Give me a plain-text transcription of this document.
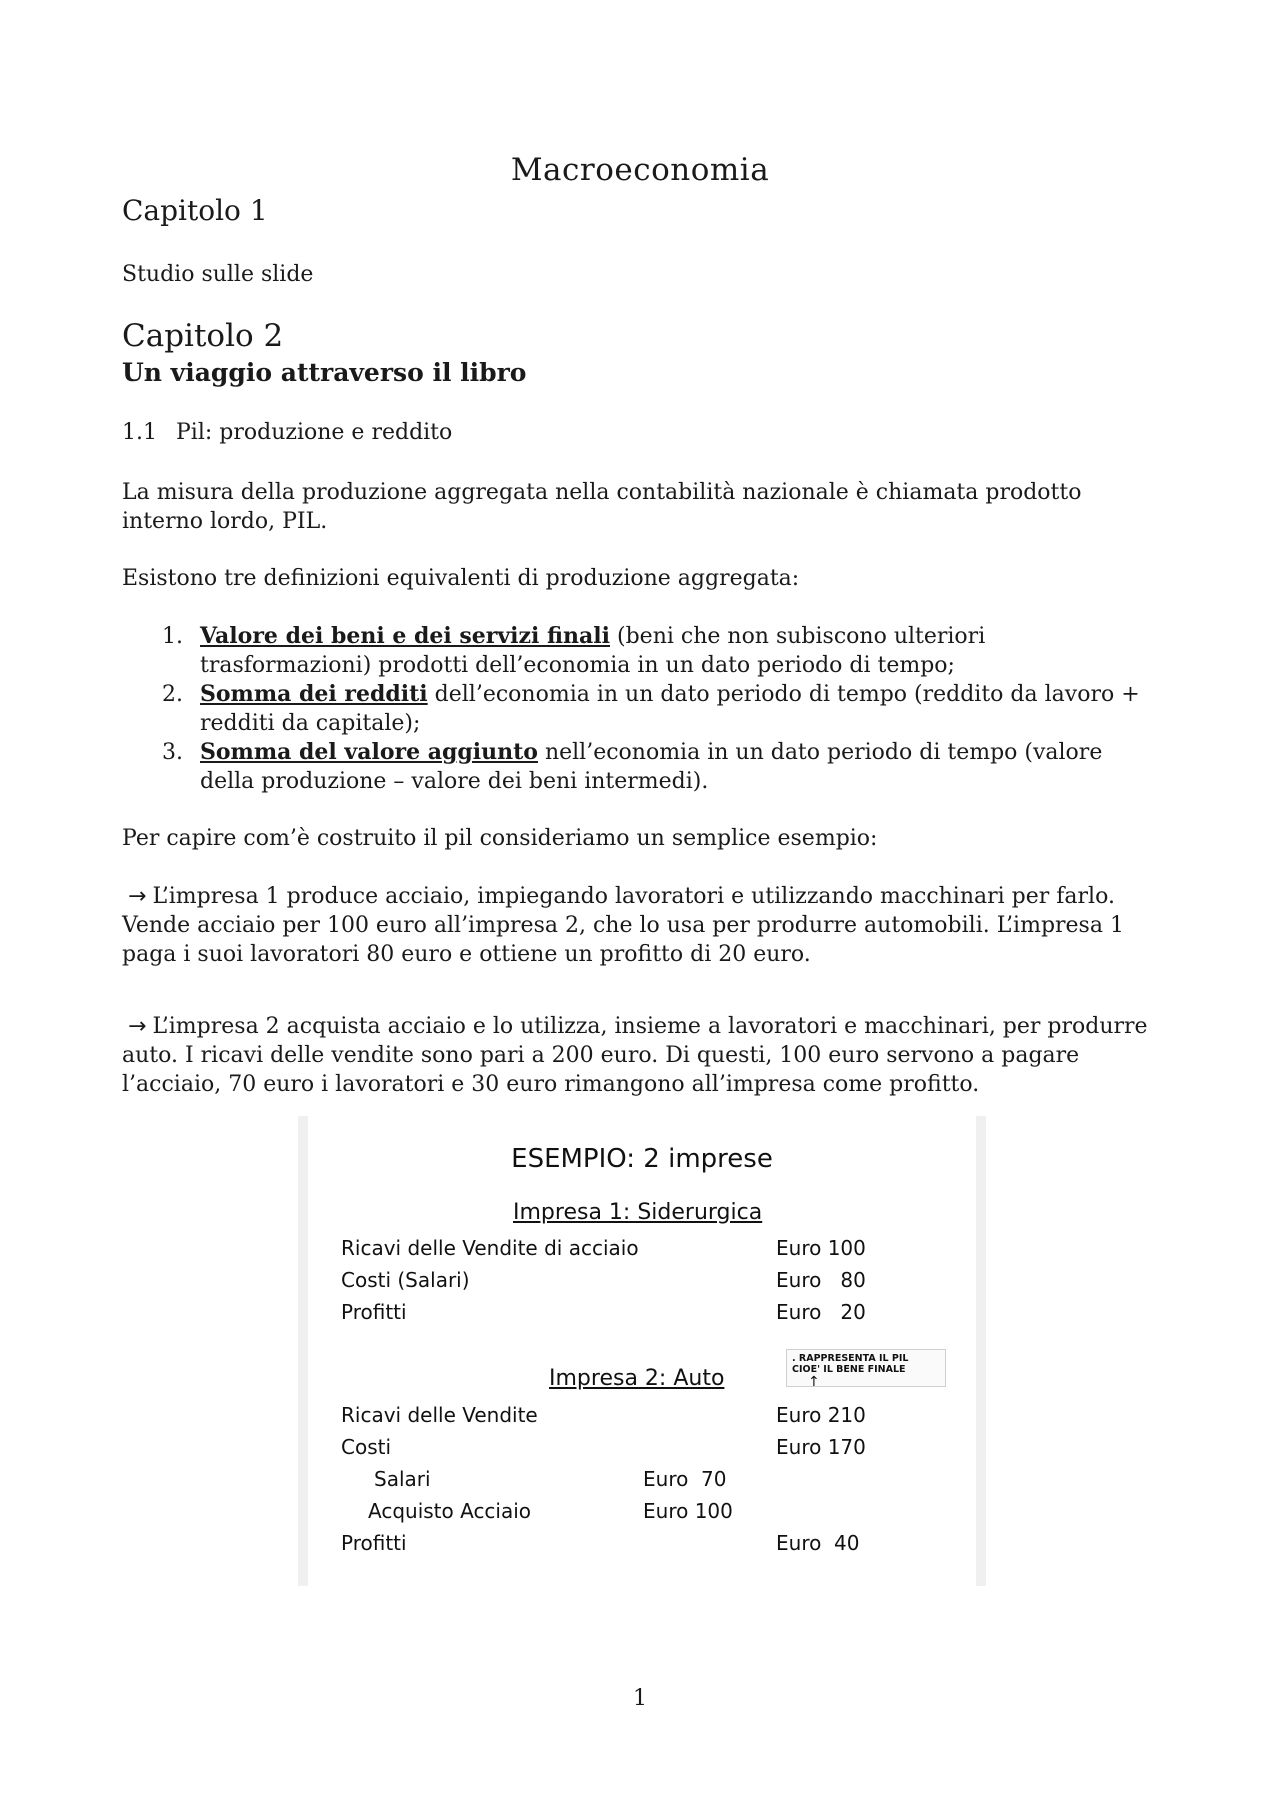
Macroeconomia
Capitolo 1
Studio sulle slide
Capitolo 2
Un viaggio attraverso il libro
1.1 Pil: produzione e reddito

La misura della produzione aggregata nella contabilità nazionale è chiamata prodotto interno lordo, PIL.

Esistono tre definizioni equivalenti di produzione aggregata:

1. Valore dei beni e dei servizi finali (beni che non subiscono ulteriori trasformazioni) prodotti dell’economia in un dato periodo di tempo;
2. Somma dei redditi dell’economia in un dato periodo di tempo (reddito da lavoro + redditi da capitale);
3. Somma del valore aggiunto nell’economia in un dato periodo di tempo (valore della produzione – valore dei beni intermedi).

Per capire com’è costruito il pil consideriamo un semplice esempio:

→ L’impresa 1 produce acciaio, impiegando lavoratori e utilizzando macchinari per farlo. Vende acciaio per 100 euro all’impresa 2, che lo usa per produrre automobili. L’impresa 1 paga i suoi lavoratori 80 euro e ottiene un profitto di 20 euro.

→ L’impresa 2 acquista acciaio e lo utilizza, insieme a lavoratori e macchinari, per produrre auto. I ricavi delle vendite sono pari a 200 euro. Di questi, 100 euro servono a pagare l’acciaio, 70 euro i lavoratori e 30 euro rimangono all’impresa come profitto.

ESEMPIO: 2 imprese
Impresa 1: Siderurgica
Ricavi delle Vendite di acciaio	Euro 100
Costi (Salari)	Euro   80
Profitti	Euro   20
. RAPPRESENTA IL PIL
CIOE' IL BENE FINALE
↑
Impresa 2: Auto
Ricavi delle Vendite	Euro 210
Costi	Euro 170
Salari	Euro  70
Acquisto Acciaio	Euro 100
Profitti	Euro  40
1
